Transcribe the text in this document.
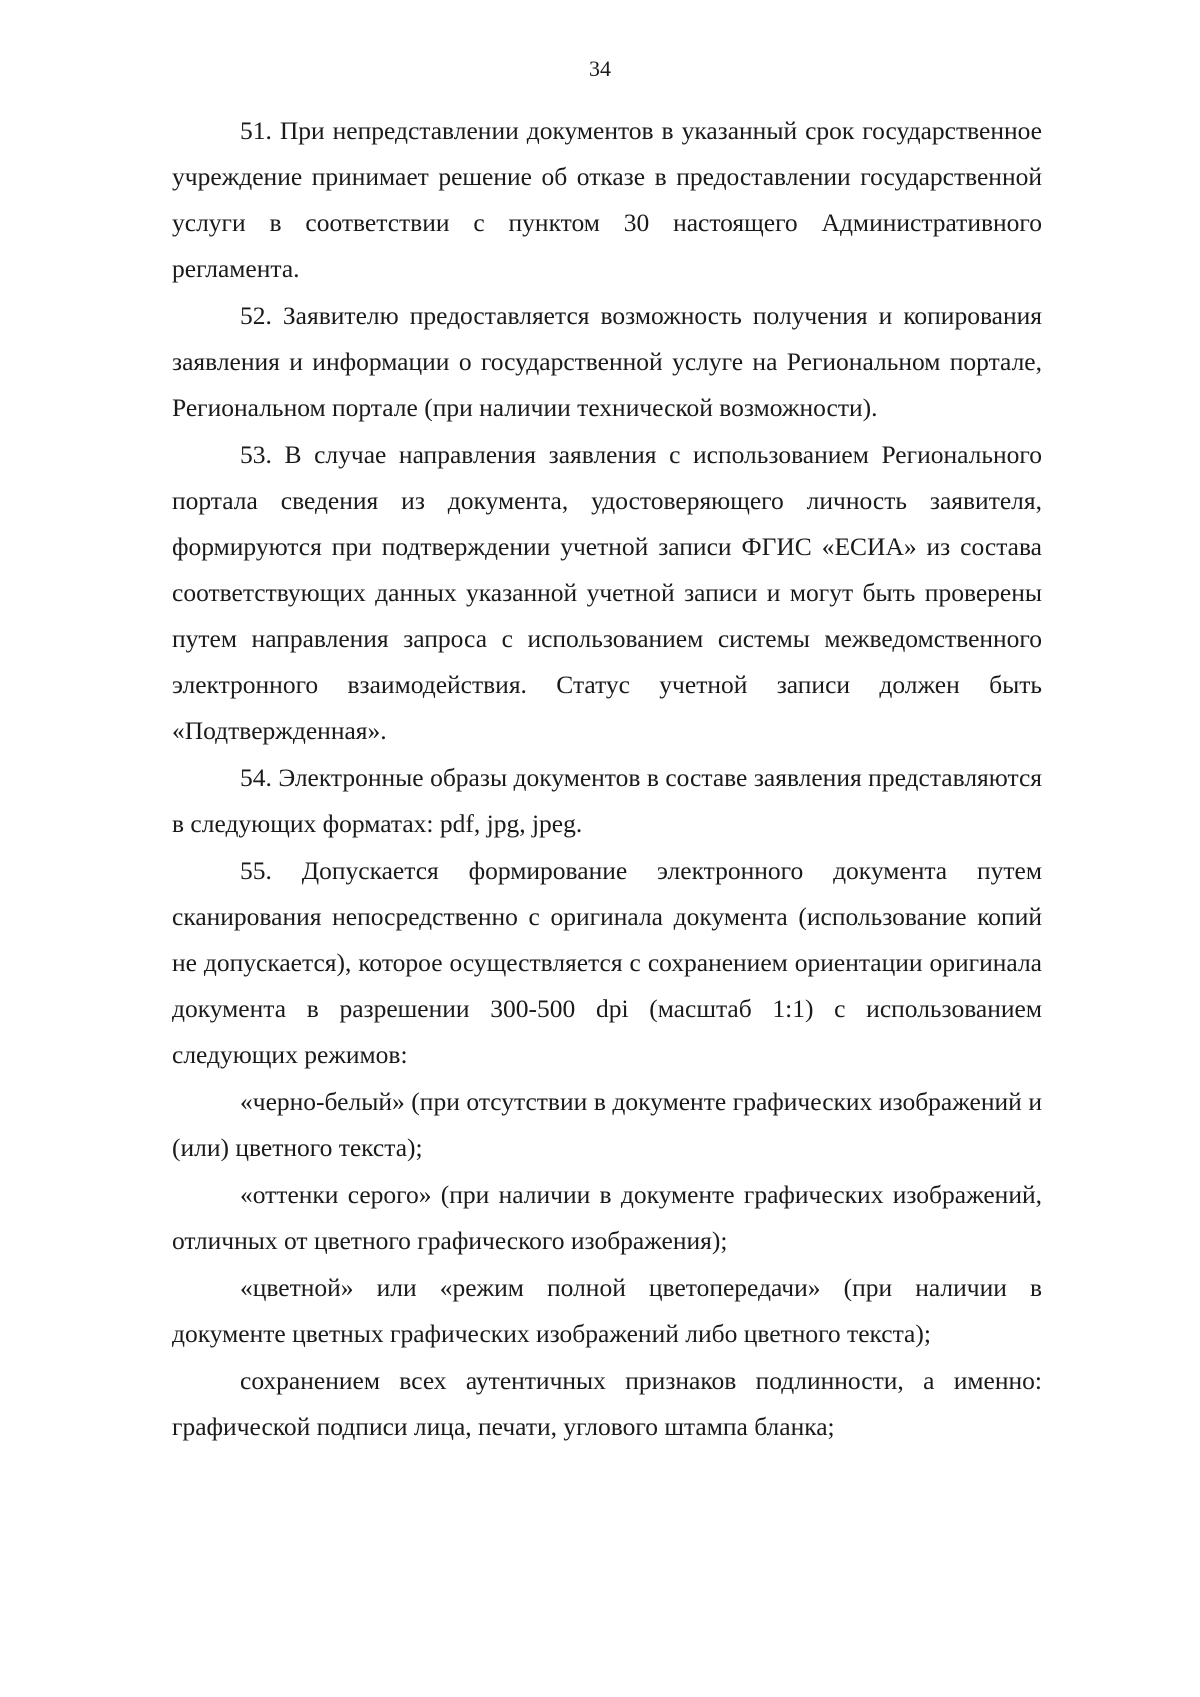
34

51. При непредставлении документов в указанный срок государственное учреждение принимает решение об отказе в предоставлении государственной услуги в соответствии с пунктом 30 настоящего Административного регламента.

52. Заявителю предоставляется возможность получения и копирования заявления и информации о государственной услуге на Региональном портале, Региональном портале (при наличии технической возможности).

53. В случае направления заявления с использованием Регионального портала сведения из документа, удостоверяющего личность заявителя, формируются при подтверждении учетной записи ФГИС «ЕСИА» из состава соответствующих данных указанной учетной записи и могут быть проверены путем направления запроса с использованием системы межведомственного электронного взаимодействия. Статус учетной записи должен быть «Подтвержденная».

54. Электронные образы документов в составе заявления представляются в следующих форматах: pdf, jpg, jpeg.

55. Допускается формирование электронного документа путем сканирования непосредственно с оригинала документа (использование копий не допускается), которое осуществляется с сохранением ориентации оригинала документа в разрешении 300-500 dpi (масштаб 1:1) с использованием следующих режимов:

«черно-белый» (при отсутствии в документе графических изображений и (или) цветного текста);

«оттенки серого» (при наличии в документе графических изображений, отличных от цветного графического изображения);

«цветной» или «режим полной цветопередачи» (при наличии в документе цветных графических изображений либо цветного текста);

сохранением всех аутентичных признаков подлинности, а именно: графической подписи лица, печати, углового штампа бланка;
